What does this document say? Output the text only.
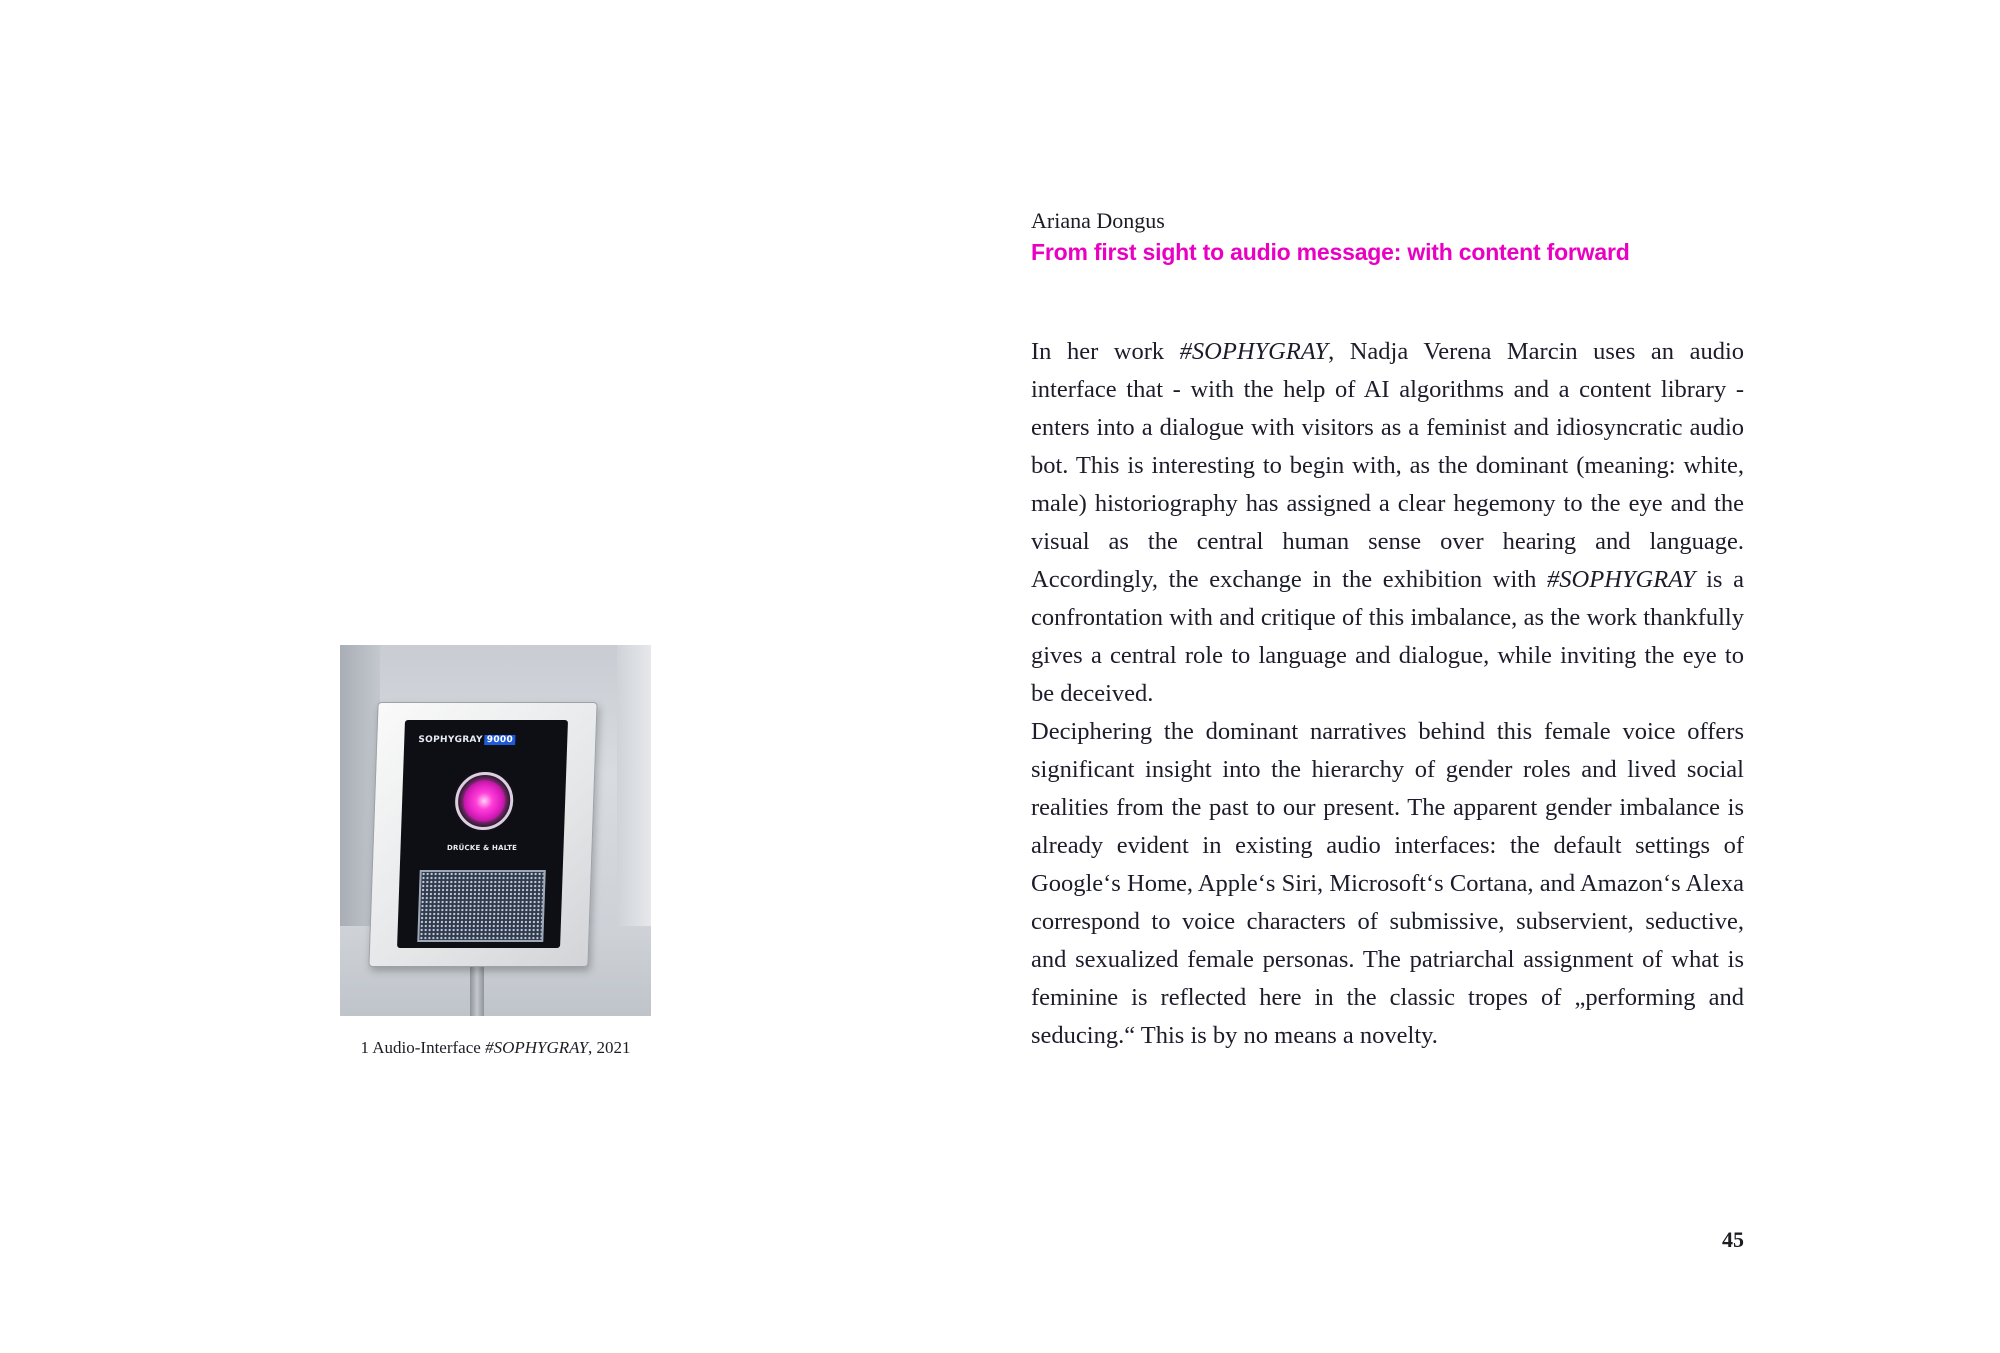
SOPHYGRAY 9000
DRÜCKE & HALTE
1 Audio-Interface #SOPHYGRAY, 2021
Ariana Dongus
From first sight to audio message: with content forward

In her work #SOPHYGRAY, Nadja Verena Marcin uses an audio interface that - with the help of AI algorithms and a content library - enters into a dialogue with visitors as a feminist and idiosyncratic audio bot. This is interesting to begin with, as the dominant (meaning: white, male) historiography has assigned a clear hegemony to the eye and the visual as the central human sense over hearing and language. Accordingly, the exchange in the exhibition with #SOPHYGRAY is a confrontation with and critique of this imbalance, as the work thankfully gives a central role to language and dialogue, while inviting the eye to be deceived.

Deciphering the dominant narratives behind this female voice offers significant insight into the hierarchy of gender roles and lived social realities from the past to our present. The apparent gender imbalance is already evident in existing audio interfaces: the default settings of Google‘s Home, Apple‘s Siri, Microsoft‘s Cortana, and Amazon‘s Alexa correspond to voice characters of submissive, subservient, seductive, and sexualized female personas. The patriarchal assignment of what is feminine is reflected here in the classic tropes of „performing and seducing.“ This is by no means a novelty.

45
